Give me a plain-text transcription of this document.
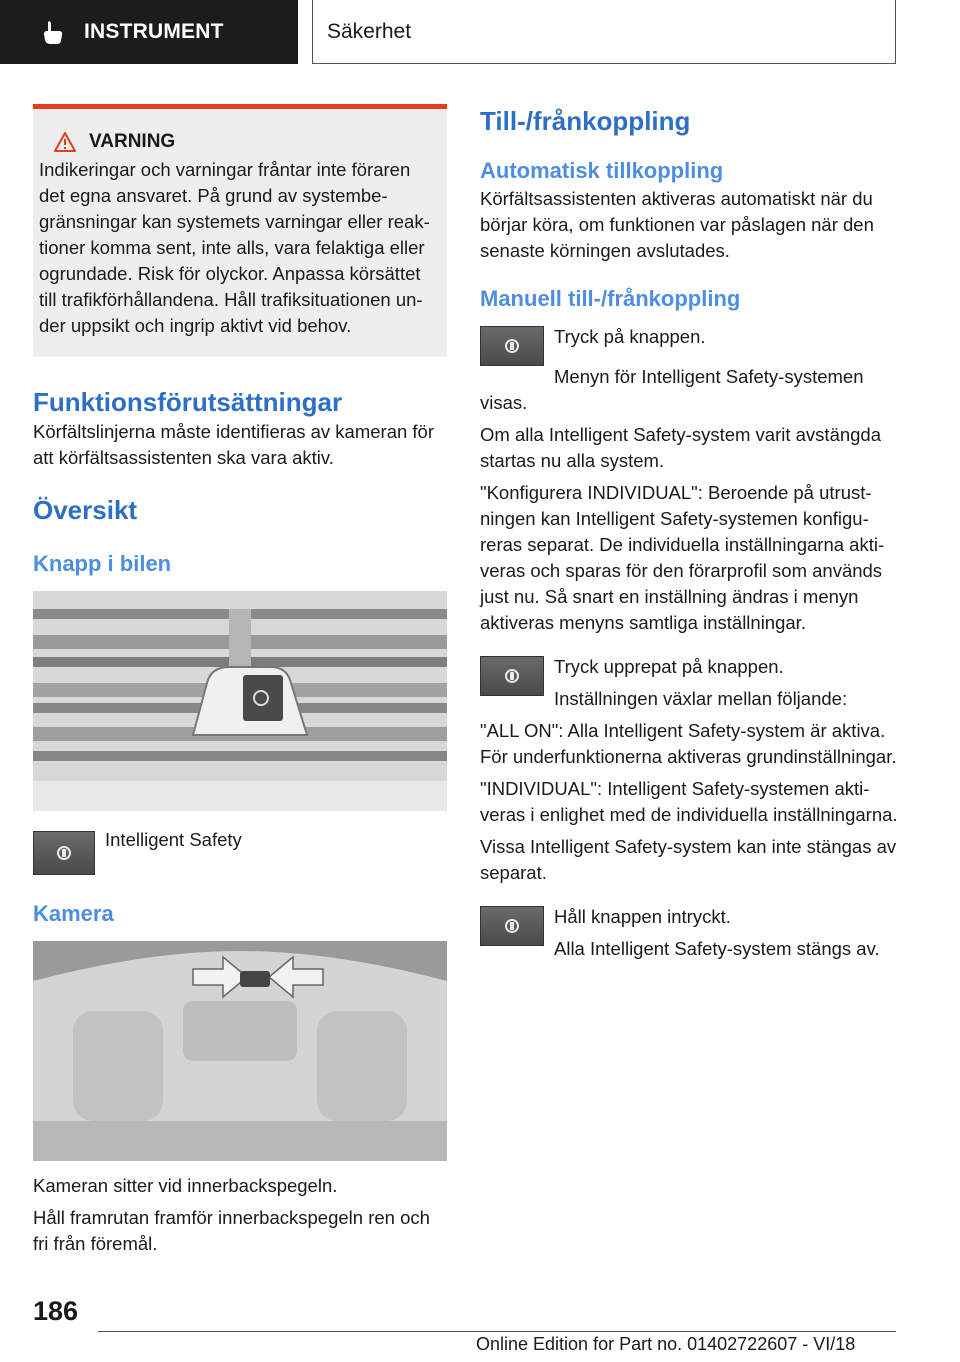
INSTRUMENT	Säkerhet
VARNING

Indikeringar och varningar fråntar inte föraren det egna ansvaret. På grund av systembegränsningar kan systemets varningar eller reaktioner komma sent, inte alls, vara felaktiga eller ogrundade. Risk för olyckor. Anpassa körsättet till trafikförhållandena. Håll trafiksituationen under uppsikt och ingrip aktivt vid behov.

Funktionsförutsättningar

Körfältslinjerna måste identifieras av kameran för att körfältsassistenten ska vara aktiv.

Översikt
Knapp i bilen

Intelligent Safety

Kamera

Kameran sitter vid innerbackspegeln.

Håll framrutan framför innerbackspegeln ren och fri från föremål.

Till-/frånkoppling
Automatisk tillkoppling

Körfältsassistenten aktiveras automatiskt när du börjar köra, om funktionen var påslagen när den senaste körningen avslutades.

Manuell till-/frånkoppling

Tryck på knappen.

Menyn för Intelligent Safety-systemen visas.

Om alla Intelligent Safety-system varit avstängda startas nu alla system.

"Konfigurera INDIVIDUAL": Beroende på utrustningen kan Intelligent Safety-systemen konfigureras separat. De individuella inställningarna aktiveras och sparas för den förarprofil som används just nu. Så snart en inställning ändras i menyn aktiveras menyns samtliga inställningar.

Tryck upprepat på knappen.

Inställningen växlar mellan följande:

"ALL ON": Alla Intelligent Safety-system är aktiva. För underfunktionerna aktiveras grundinställningar.

"INDIVIDUAL": Intelligent Safety-systemen aktiveras i enlighet med de individuella inställningarna.

Vissa Intelligent Safety-system kan inte stängas av separat.

Håll knappen intryckt.

Alla Intelligent Safety-system stängs av.

186
Online Edition for Part no. 01402722607 - VI/18
